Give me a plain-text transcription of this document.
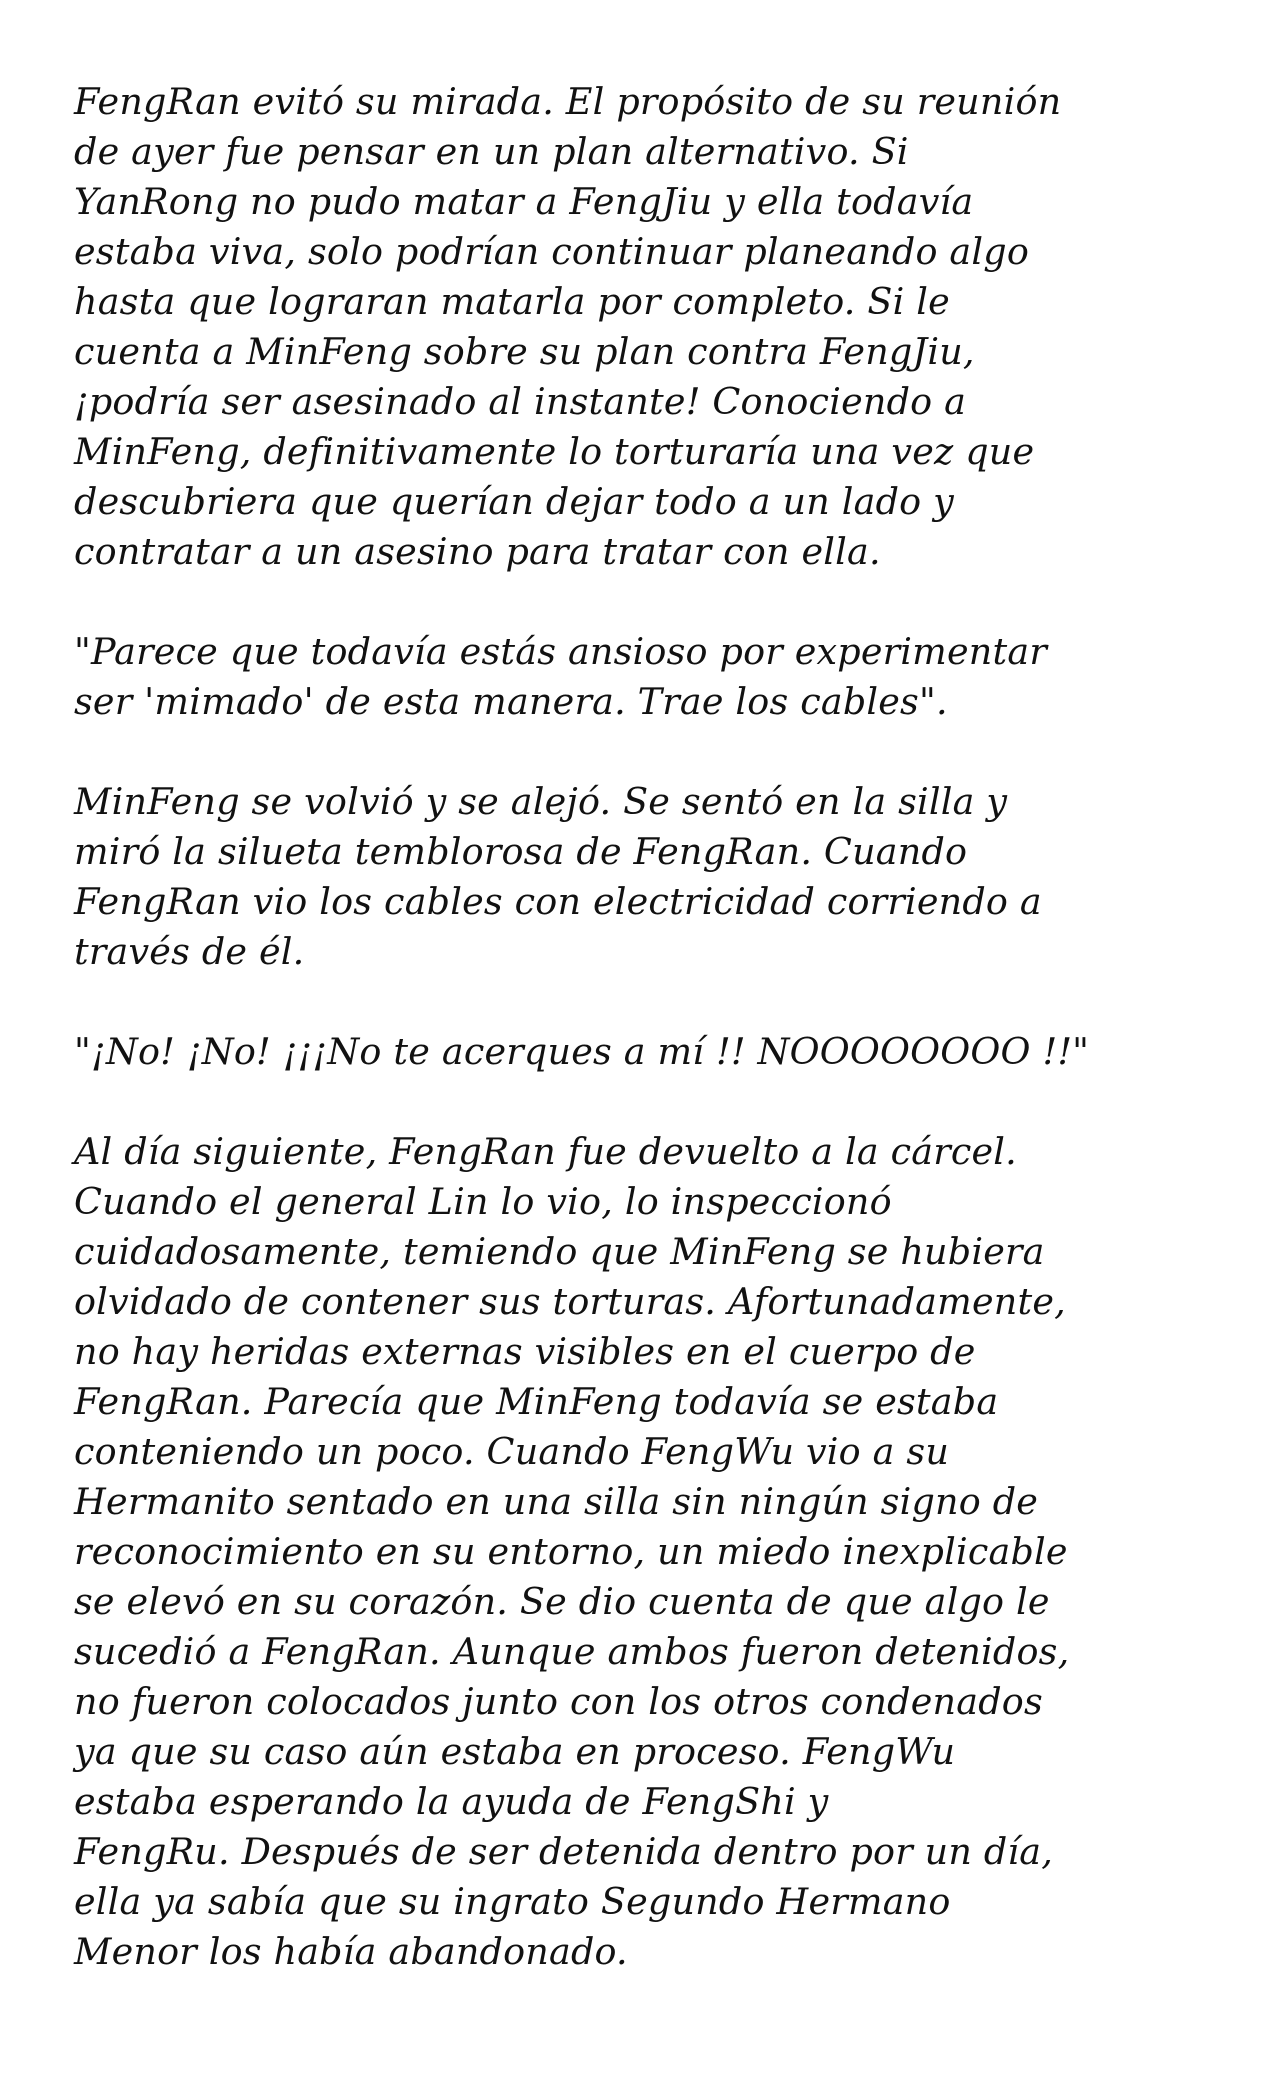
FengRan evitó su mirada. El propósito de su reunión
de ayer fue pensar en un plan alternativo. Si
YanRong no pudo matar a FengJiu y ella todavía
estaba viva, solo podrían continuar planeando algo
hasta que lograran matarla por completo. Si le
cuenta a MinFeng sobre su plan contra FengJiu,
¡podría ser asesinado al instante! Conociendo a
MinFeng, definitivamente lo torturaría una vez que
descubriera que querían dejar todo a un lado y
contratar a un asesino para tratar con ella.

"Parece que todavía estás ansioso por experimentar
ser 'mimado' de esta manera. Trae los cables".

MinFeng se volvió y se alejó. Se sentó en la silla y
miró la silueta temblorosa de FengRan. Cuando
FengRan vio los cables con electricidad corriendo a
través de él.

"¡No! ¡No! ¡¡¡No te acerques a mí !! NOOOOOOOO !!"

Al día siguiente, FengRan fue devuelto a la cárcel.
Cuando el general Lin lo vio, lo inspeccionó
cuidadosamente, temiendo que MinFeng se hubiera
olvidado de contener sus torturas. Afortunadamente,
no hay heridas externas visibles en el cuerpo de
FengRan. Parecía que MinFeng todavía se estaba
conteniendo un poco. Cuando FengWu vio a su
Hermanito sentado en una silla sin ningún signo de
reconocimiento en su entorno, un miedo inexplicable
se elevó en su corazón. Se dio cuenta de que algo le
sucedió a FengRan. Aunque ambos fueron detenidos,
no fueron colocados junto con los otros condenados
ya que su caso aún estaba en proceso. FengWu
estaba esperando la ayuda de FengShi y
FengRu. Después de ser detenida dentro por un día,
ella ya sabía que su ingrato Segundo Hermano
Menor los había abandonado.
